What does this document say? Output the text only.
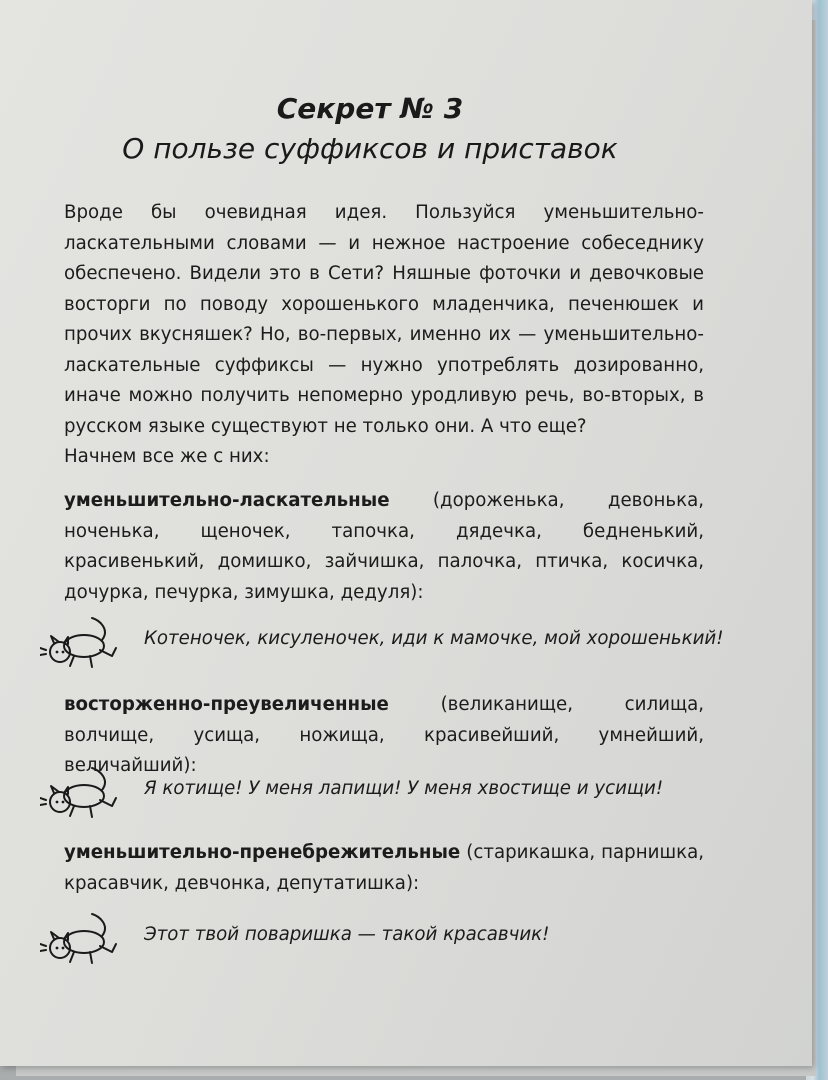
Секрет № 3
О пользе суффиксов и приставок

Вроде бы очевидная идея. Пользуйся уменьшительно-ласкательными словами — и нежное настроение собеседнику обеспечено. Видели это в Сети? Няшные фоточки и девочковые восторги по поводу хорошенького младенчика, печенюшек и прочих вкусняшек? Но, во-первых, именно их — уменьшительно-ласкательные суффиксы — нужно употреблять дозированно, иначе можно получить непомерно уродливую речь, во-вторых, в русском языке существуют не только они. А что еще?

Начнем все же с них:

уменьшительно-ласкательные (дороженька, девонька, ноченька, щеночек, тапочка, дядечка, бедненький, красивенький, домишко, зайчишка, палочка, птичка, косичка, дочурка, печурка, зимушка, дедуля):
Котеночек, кисуленочек, иди к мамочке, мой хорошенький!
восторженно-преувеличенные (великанище, силища, волчище, усища, ножища, красивейший, умнейший, величайший):
Я котище! У меня лапищи! У меня хвостище и усищи!
уменьшительно-пренебрежительные (старикашка, парнишка, красавчик, девчонка, депутатишка):
Этот твой поваришка — такой красавчик!
